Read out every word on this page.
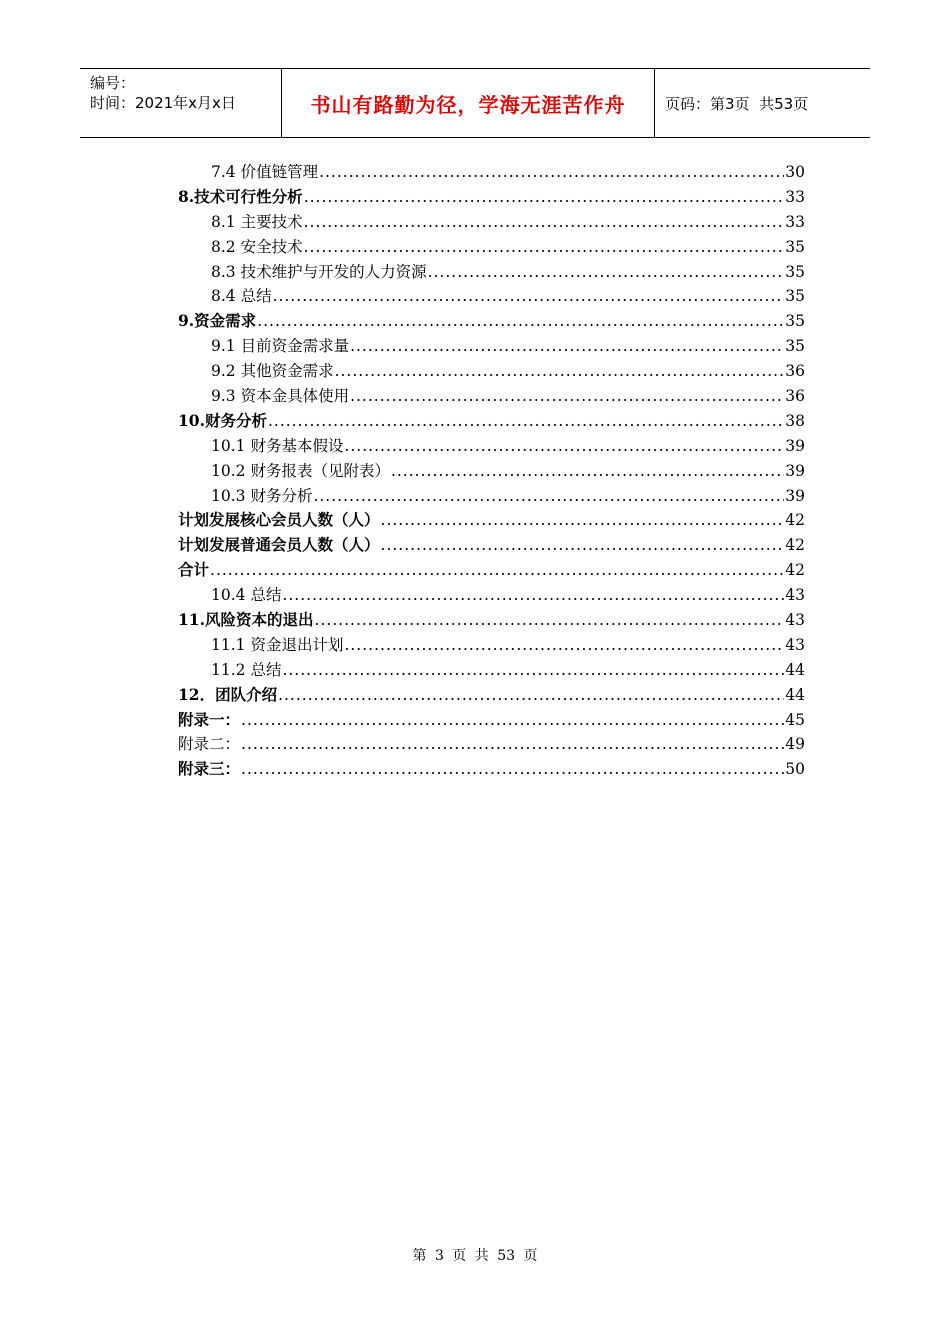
编号：
时间：2021年x月x日	书山有路勤为径，学海无涯苦作舟	页码：第3页  共53页
7.4 价值链管理 .....	30
8.技术可行性分析 .....	33
8.1 主要技术 .....	33
8.2 安全技术 .....	35
8.3 技术维护与开发的人力资源 .....	35
8.4 总结 .....	35
9.资金需求 .....	35
9.1 目前资金需求量 .....	35
9.2 其他资金需求 .....	36
9.3 资本金具体使用 .....	36
10.财务分析 .....	38
10.1 财务基本假设 .....	39
10.2 财务报表（见附表） .....	39
10.3 财务分析 .....	39
计划发展核心会员人数（人） .....	42
计划发展普通会员人数（人） .....	42
合计 .....	42
10.4 总结 .....	43
11.风险资本的退出 .....	43
11.1 资金退出计划 .....	43
11.2 总结 .....	44
12．团队介绍 .....	44
附录一： .....	45
附录二： .....	49
附录三： .....	50
第 3 页 共 53 页
